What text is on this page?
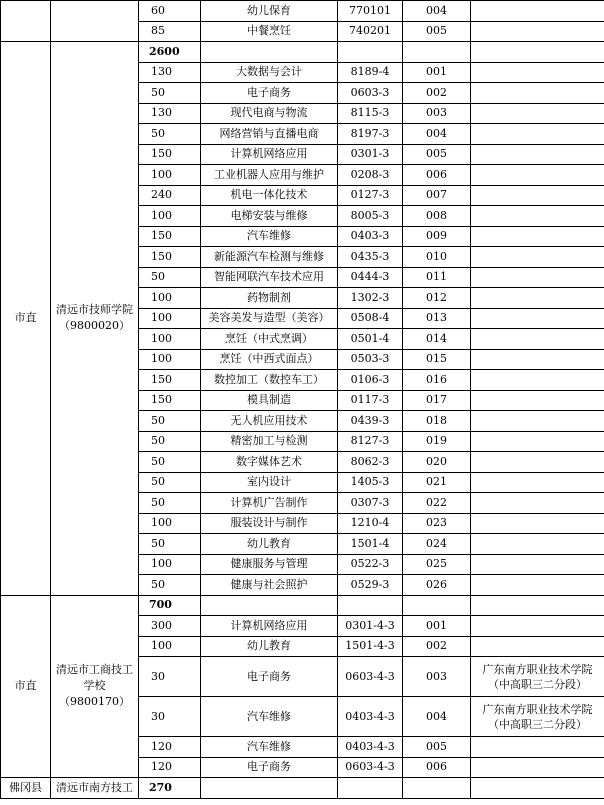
		60	幼儿保育	770101	004	
		85	中餐烹饪	740201	005	
市直	清远市技师学院（9800020）	2600				
		130	大数据与会计	8189-4	001	
		50	电子商务	0603-3	002	
		130	现代电商与物流	8115-3	003	
		50	网络营销与直播电商	8197-3	004	
		150	计算机网络应用	0301-3	005	
		100	工业机器人应用与维护	0208-3	006	
		240	机电一体化技术	0127-3	007	
		100	电梯安装与维修	8005-3	008	
		150	汽车维修	0403-3	009	
		150	新能源汽车检测与维修	0435-3	010	
		50	智能网联汽车技术应用	0444-3	011	
		100	药物制剂	1302-3	012	
		100	美容美发与造型（美容）	0508-4	013	
		100	烹饪（中式烹调）	0501-4	014	
		100	烹饪（中西式面点）	0503-3	015	
		150	数控加工（数控车工）	0106-3	016	
		150	模具制造	0117-3	017	
		50	无人机应用技术	0439-3	018	
		50	精密加工与检测	8127-3	019	
		50	数字媒体艺术	8062-3	020	
		50	室内设计	1405-3	021	
		50	计算机广告制作	0307-3	022	
		100	服装设计与制作	1210-4	023	
		50	幼儿教育	1501-4	024	
		100	健康服务与管理	0522-3	025	
		50	健康与社会照护	0529-3	026	
市直	清远市工商技工学校（9800170）	700				
		300	计算机网络应用	0301-4-3	001	
		100	幼儿教育	1501-4-3	002	
		30	电子商务	0603-4-3	003	广东南方职业技术学院（中高职三二分段）
		30	汽车维修	0403-4-3	004	广东南方职业技术学院（中高职三二分段）
		120	汽车维修	0403-4-3	005	
		120	电子商务	0603-4-3	006	
佛冈县	清远市南方技工	270				
